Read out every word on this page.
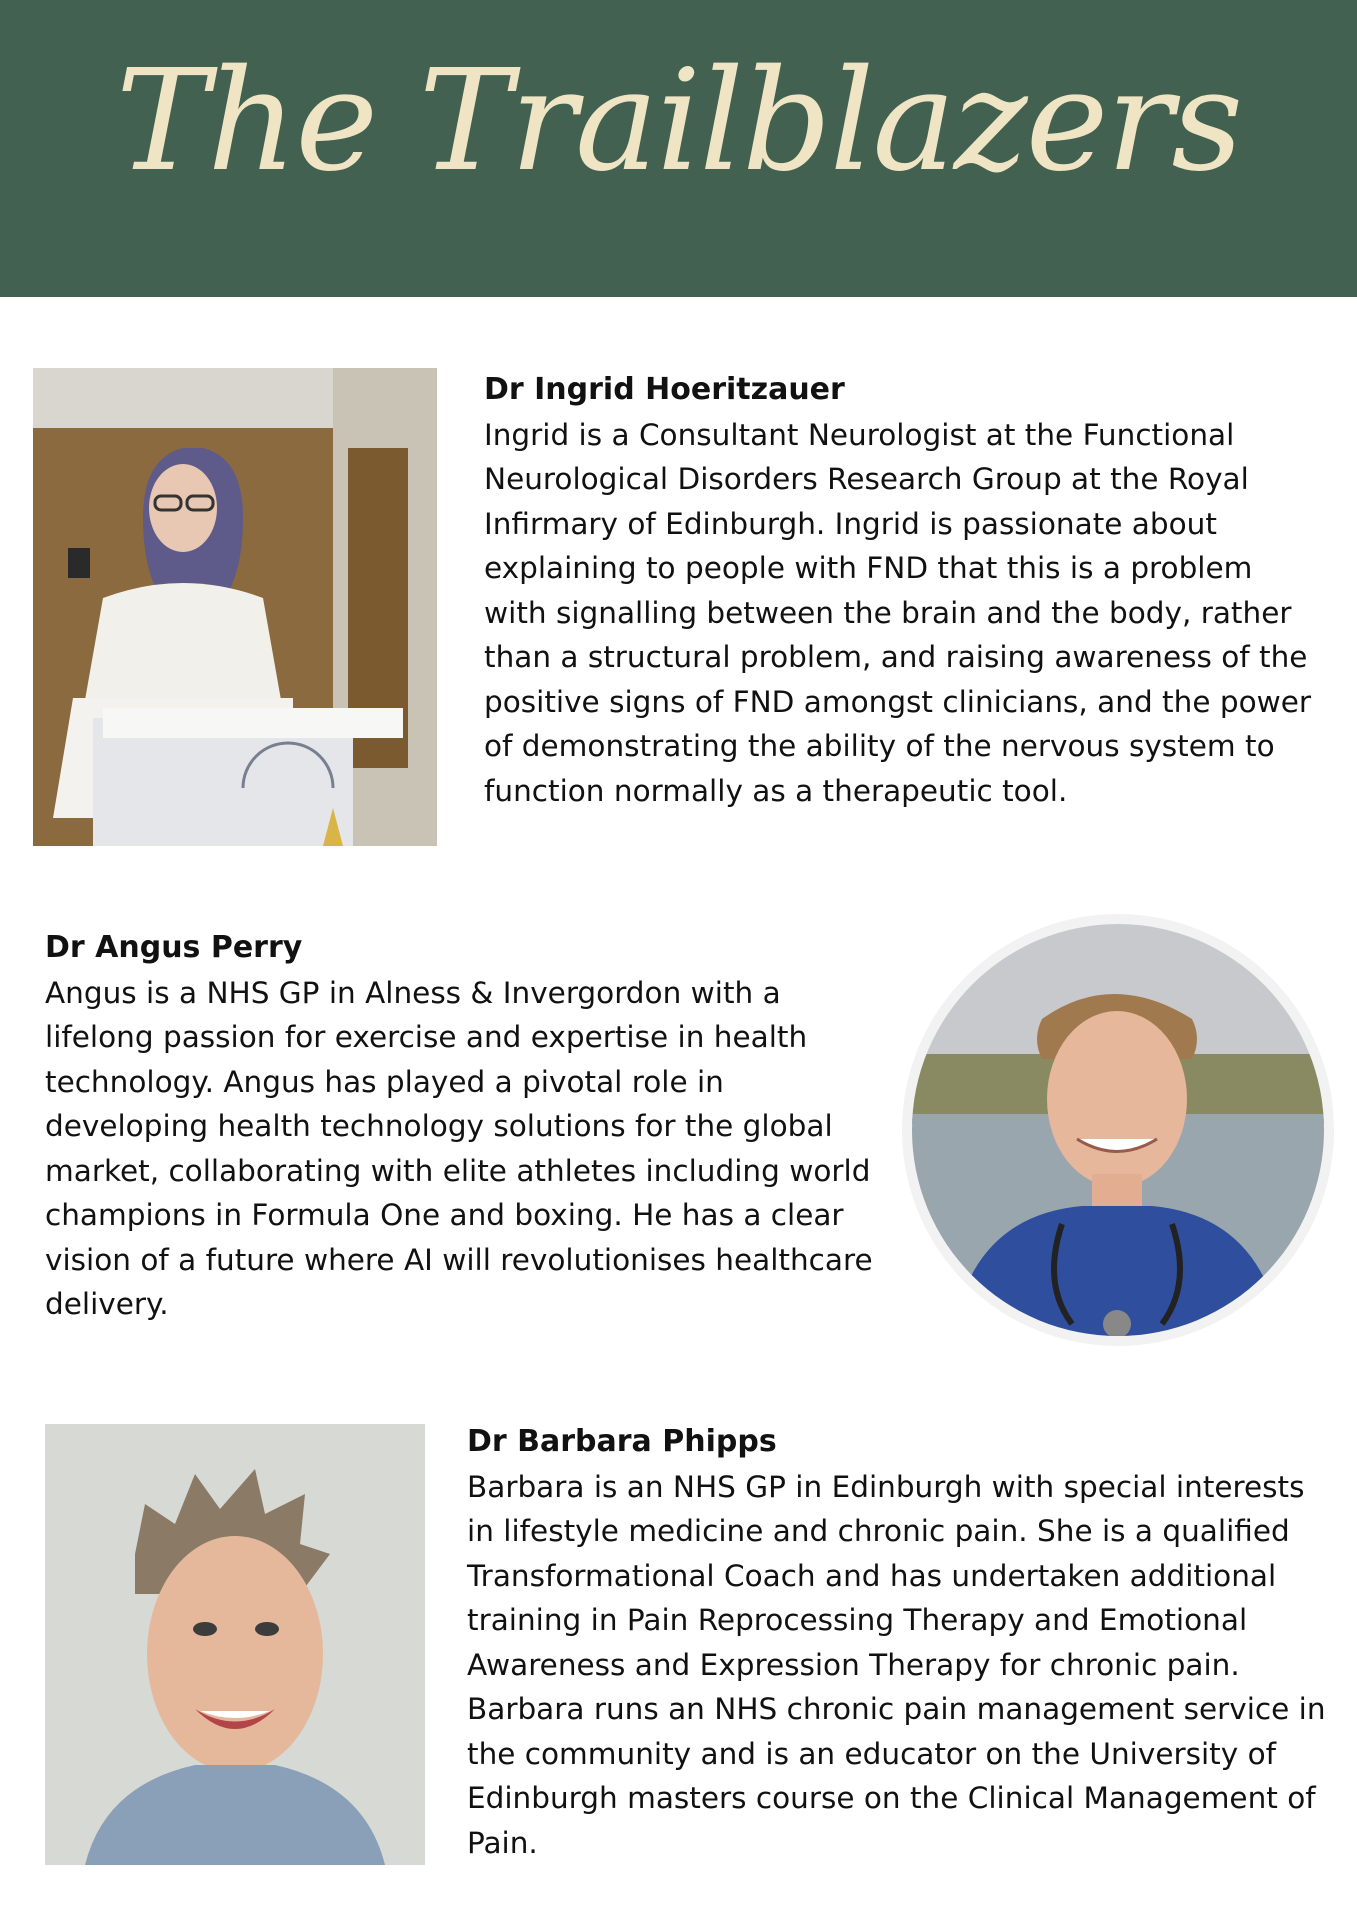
The Trailblazers
Dr Ingrid Hoeritzauer
Ingrid is a Consultant Neurologist at the Functional Neurological Disorders Research Group at the Royal Infirmary of Edinburgh. Ingrid is passionate about explaining to people with FND that this is a problem with signalling between the brain and the body, rather than a structural problem, and raising awareness of the positive signs of FND amongst clinicians, and the power of demonstrating the ability of the nervous system to function normally as a therapeutic tool.
Dr Angus Perry
Angus is a NHS GP in Alness & Invergordon with a lifelong passion for exercise and expertise in health technology. Angus has played a pivotal role in developing health technology solutions for the global market, collaborating with elite athletes including world champions in Formula One and boxing. He has a clear vision of a future where AI will revolutionises healthcare delivery.
Dr Barbara Phipps
Barbara is an NHS GP in Edinburgh with special interests in lifestyle medicine and chronic pain. She is a qualified Transformational Coach and has undertaken additional training in Pain Reprocessing Therapy and Emotional Awareness and Expression Therapy for chronic pain. Barbara runs an NHS chronic pain management service in the community and is an educator on the University of Edinburgh masters course on the Clinical Management of Pain.
